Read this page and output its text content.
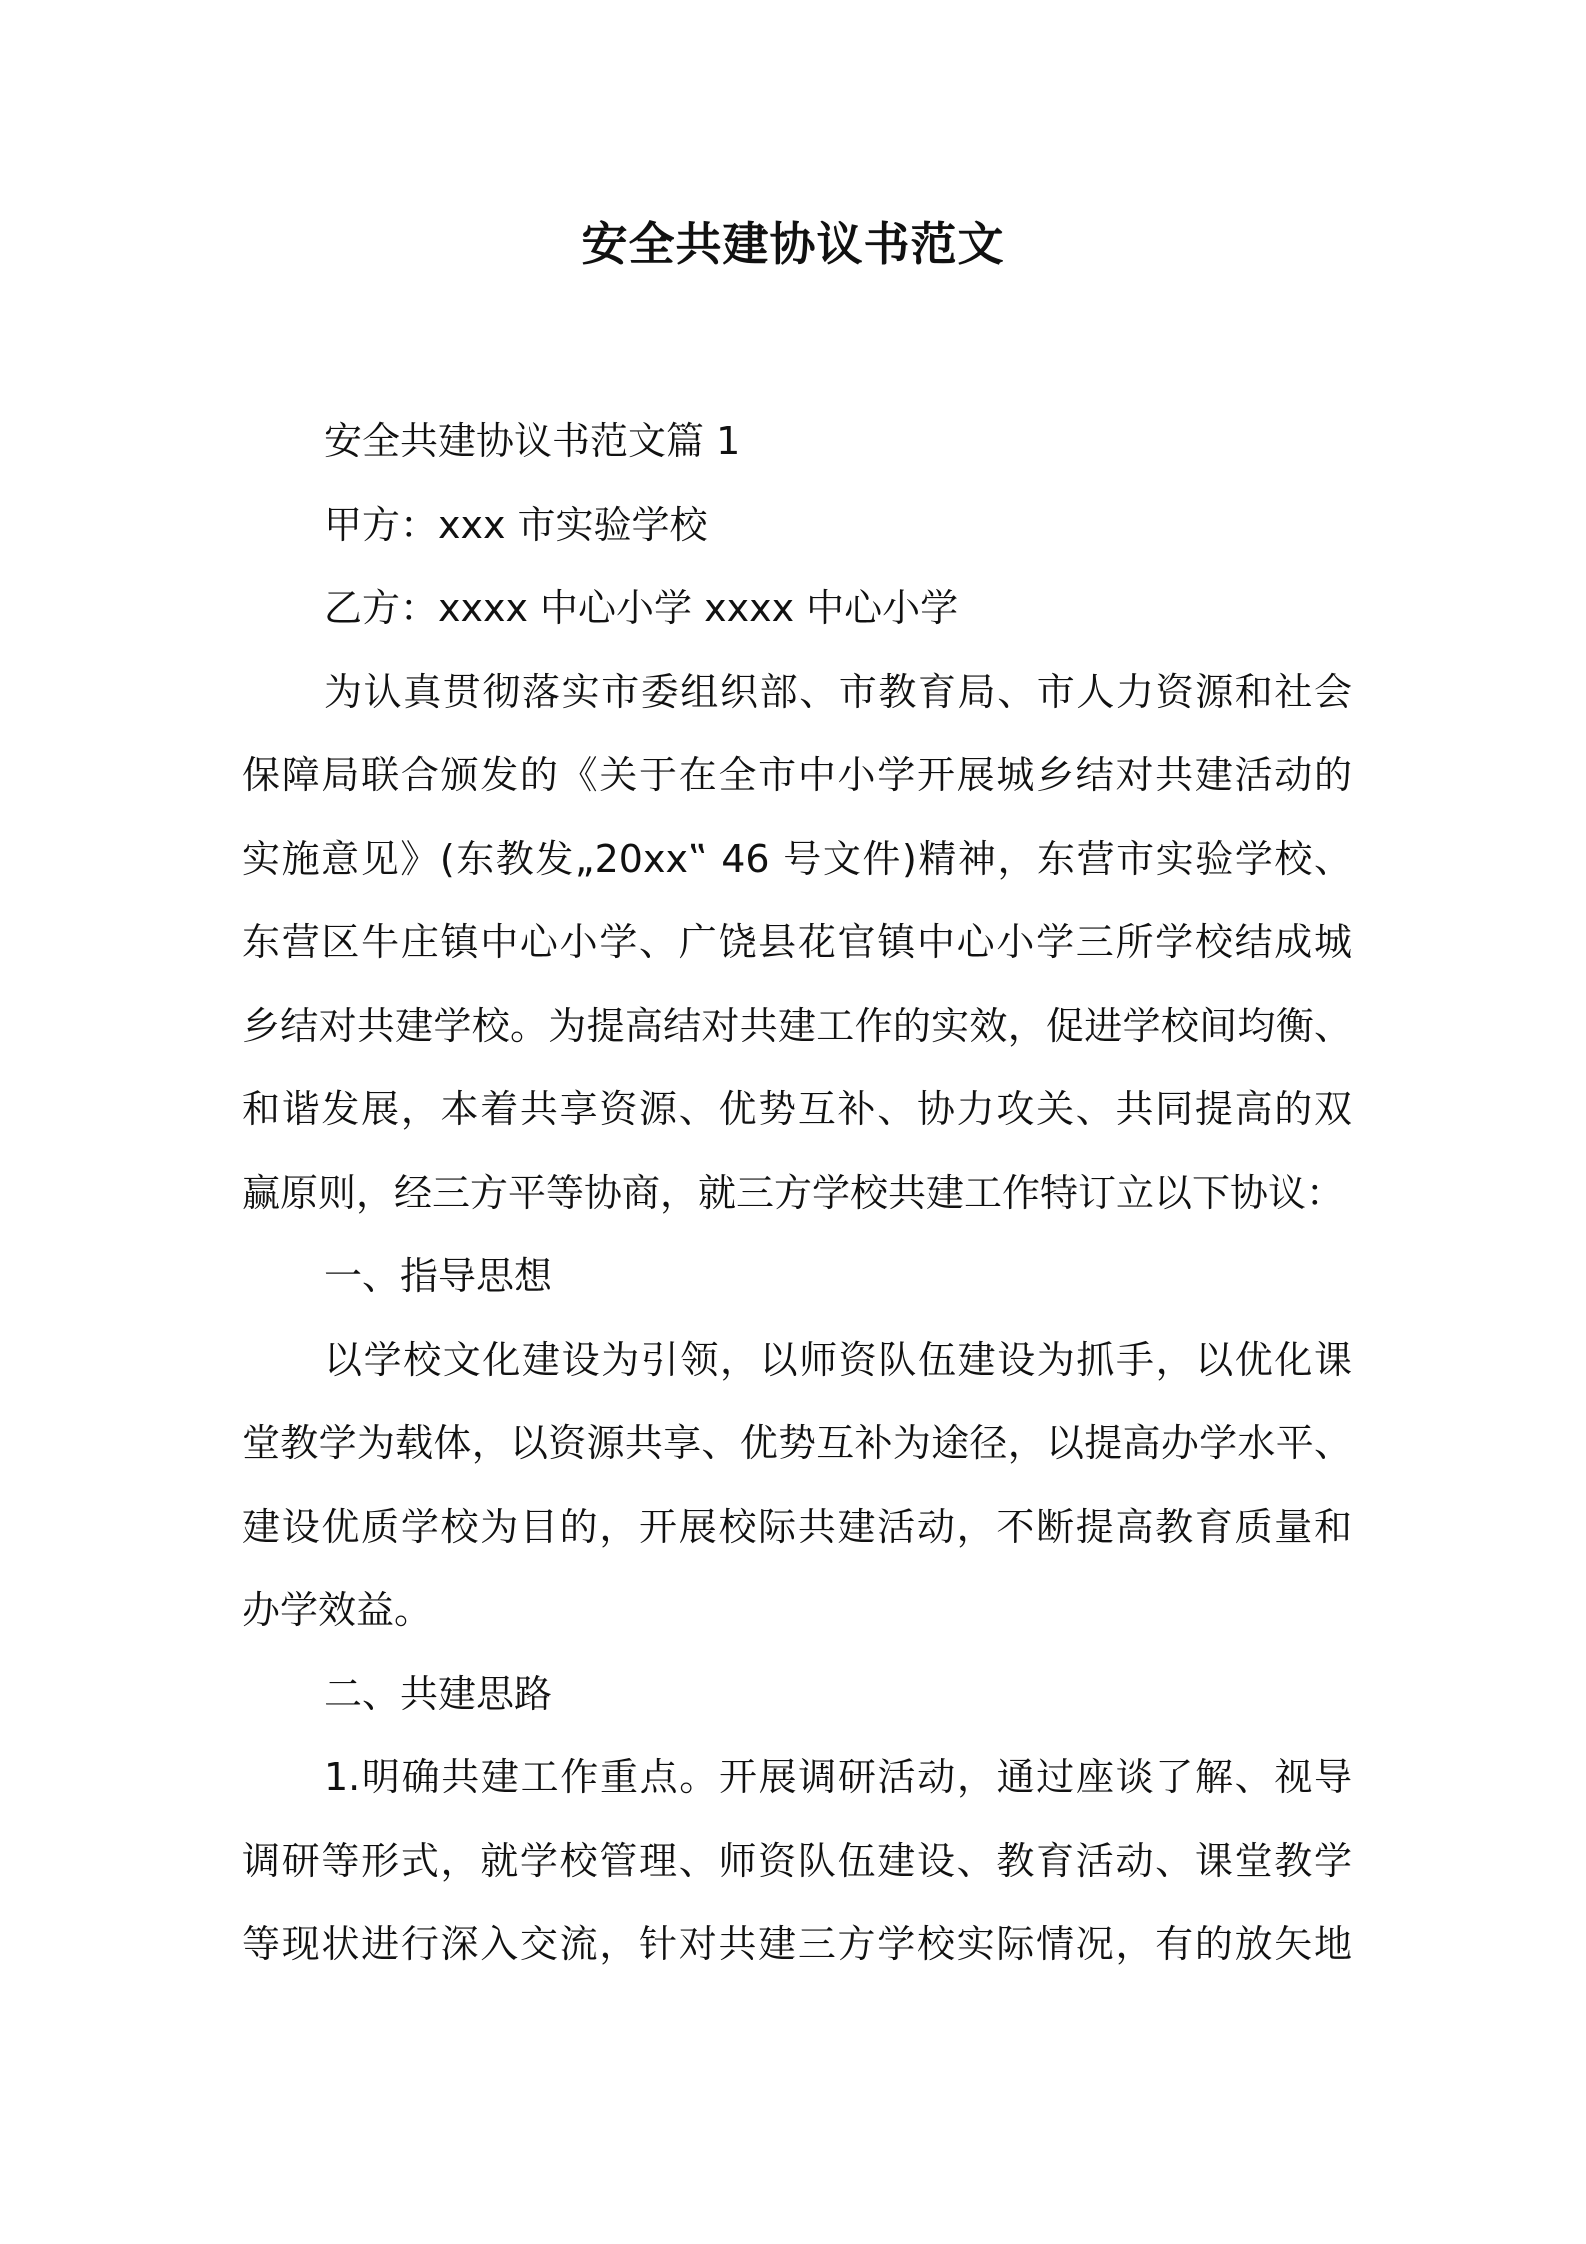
安全共建协议书范文
安全共建协议书范文篇 1
甲方：xxx 市实验学校
乙方：xxxx 中心小学 xxxx 中心小学
为认真贯彻落实市委组织部、市教育局、市人力资源和社会
保障局联合颁发的《关于在全市中小学开展城乡结对共建活动的
实施意见》(东教发„20xx‟ 46 号文件)精神，东营市实验学校、
东营区牛庄镇中心小学、广饶县花官镇中心小学三所学校结成城
乡结对共建学校。为提高结对共建工作的实效，促进学校间均衡、
和谐发展，本着共享资源、优势互补、协力攻关、共同提高的双
赢原则，经三方平等协商，就三方学校共建工作特订立以下协议：
一、指导思想
以学校文化建设为引领，以师资队伍建设为抓手，以优化课
堂教学为载体，以资源共享、优势互补为途径，以提高办学水平、
建设优质学校为目的，开展校际共建活动，不断提高教育质量和
办学效益。
二、共建思路
1.明确共建工作重点。开展调研活动，通过座谈了解、视导
调研等形式，就学校管理、师资队伍建设、教育活动、课堂教学
等现状进行深入交流，针对共建三方学校实际情况，有的放矢地
